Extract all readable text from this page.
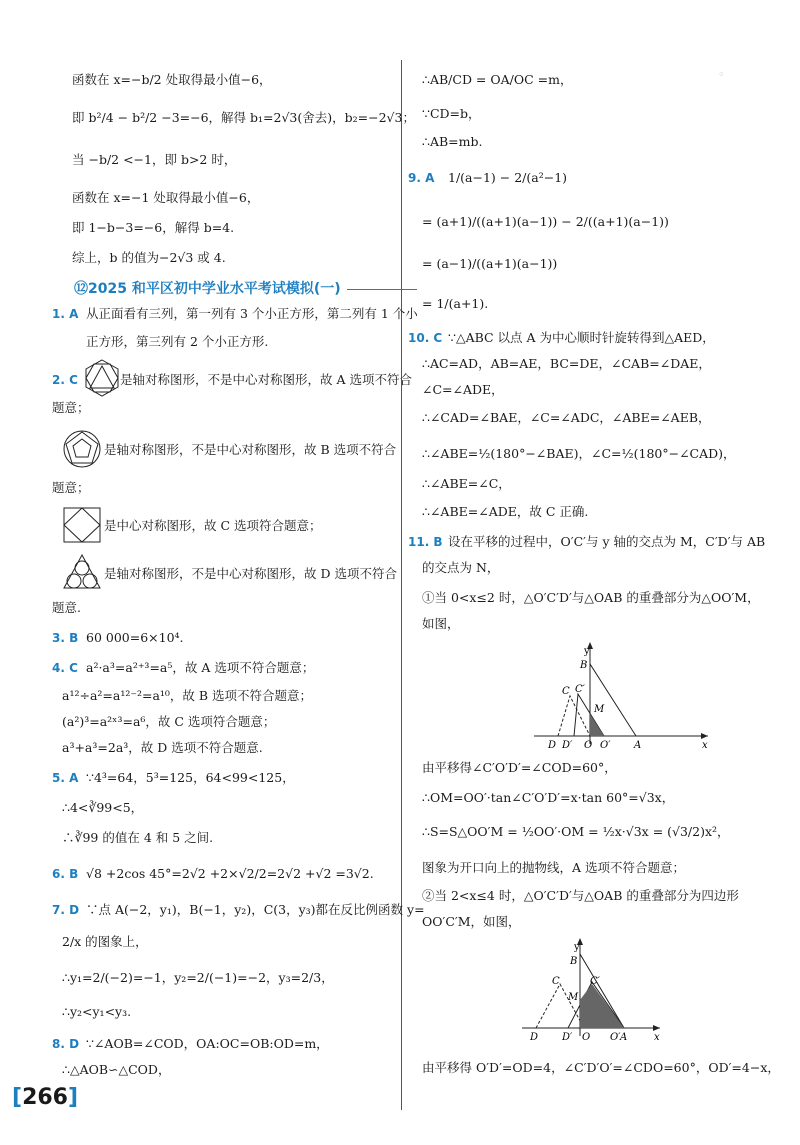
◦
函数在 x=−b/2 处取得最小值−6，
即 b²/4 − b²/2 −3=−6，解得 b₁=2√3(舍去)，b₂=−2√3；
当 −b/2 <−1，即 b>2 时，
函数在 x=−1 处取得最小值−6，
即 1−b−3=−6，解得 b=4.
综上，b 的值为−2√3 或 4.
⑫2025 和平区初中学业水平考试模拟(一)
1. A 从正面看有三列，第一列有 3 个小正方形，第二列有 1 个小
正方形，第三列有 2 个小正方形.
2. C	是轴对称图形，不是中心对称图形，故 A 选项不符合
题意；
是轴对称图形，不是中心对称图形，故 B 选项不符合
题意；
是中心对称图形，故 C 选项符合题意；
是轴对称图形，不是中心对称图形，故 D 选项不符合
题意.
3. B 60 000=6×10⁴.
4. C a²·a³=a²⁺³=a⁵，故 A 选项不符合题意；
a¹²÷a²=a¹²⁻²=a¹⁰，故 B 选项不符合题意；
(a²)³=a²ˣ³=a⁶，故 C 选项符合题意；
a³+a³=2a³，故 D 选项不符合题意.
5. A ∵4³=64，5³=125，64<99<125，
∴4<∛99<5，
∴∛99 的值在 4 和 5 之间.
6. B √8 +2cos 45°=2√2 +2×√2/2=2√2 +√2 =3√2.
7. D ∵点 A(−2，y₁)，B(−1，y₂)，C(3，y₃)都在反比例函数 y=
2/x 的图象上，
∴y₁=2/(−2)=−1，y₂=2/(−1)=−2，y₃=2/3，
∴y₂<y₁<y₃.
8. D ∵∠AOB=∠COD，OA:OC=OB:OD=m，
∴△AOB∽△COD，
∴AB/CD = OA/OC =m，
∵CD=b，
∴AB=mb.
9. A 1/(a−1) − 2/(a²−1)
= (a+1)/((a+1)(a−1)) − 2/((a+1)(a−1))
= (a−1)/((a+1)(a−1))
= 1/(a+1).
10. C ∵△ABC 以点 A 为中心顺时针旋转得到△AED，
∴AC=AD，AB=AE，BC=DE，∠CAB=∠DAE，
∠C=∠ADE，
∴∠CAD=∠BAE，∠C=∠ADC，∠ABE=∠AEB，
∴∠ABE=½(180°−∠BAE)，∠C=½(180°−∠CAD)，
∴∠ABE=∠C，
∴∠ABE=∠ADE，故 C 正确.
11. B 设在平移的过程中，O′C′与 y 轴的交点为 M，C′D′与 AB
的交点为 N，
①当 0<x≤2 时，△O′C′D′与△OAB 的重叠部分为△OO′M，
如图，
y
B
C C′
M
D D′ O O′ A	x
由平移得∠C′O′D′=∠COD=60°，
∴OM=OO′·tan∠C′O′D′=x·tan 60°=√3x，
∴S=S△OO′M = ½OO′·OM = ½x·√3x = (√3/2)x²，
图象为开口向上的抛物线，A 选项不符合题意；
②当 2<x≤4 时，△O′C′D′与△OAB 的重叠部分为四边形
OO′C′M，如图，
y
B
C	C′
M
D D′ O O′ A	x
由平移得 O′D′=OD=4，∠C′D′O′=∠CDO=60°，OD′=4−x，
[266]
